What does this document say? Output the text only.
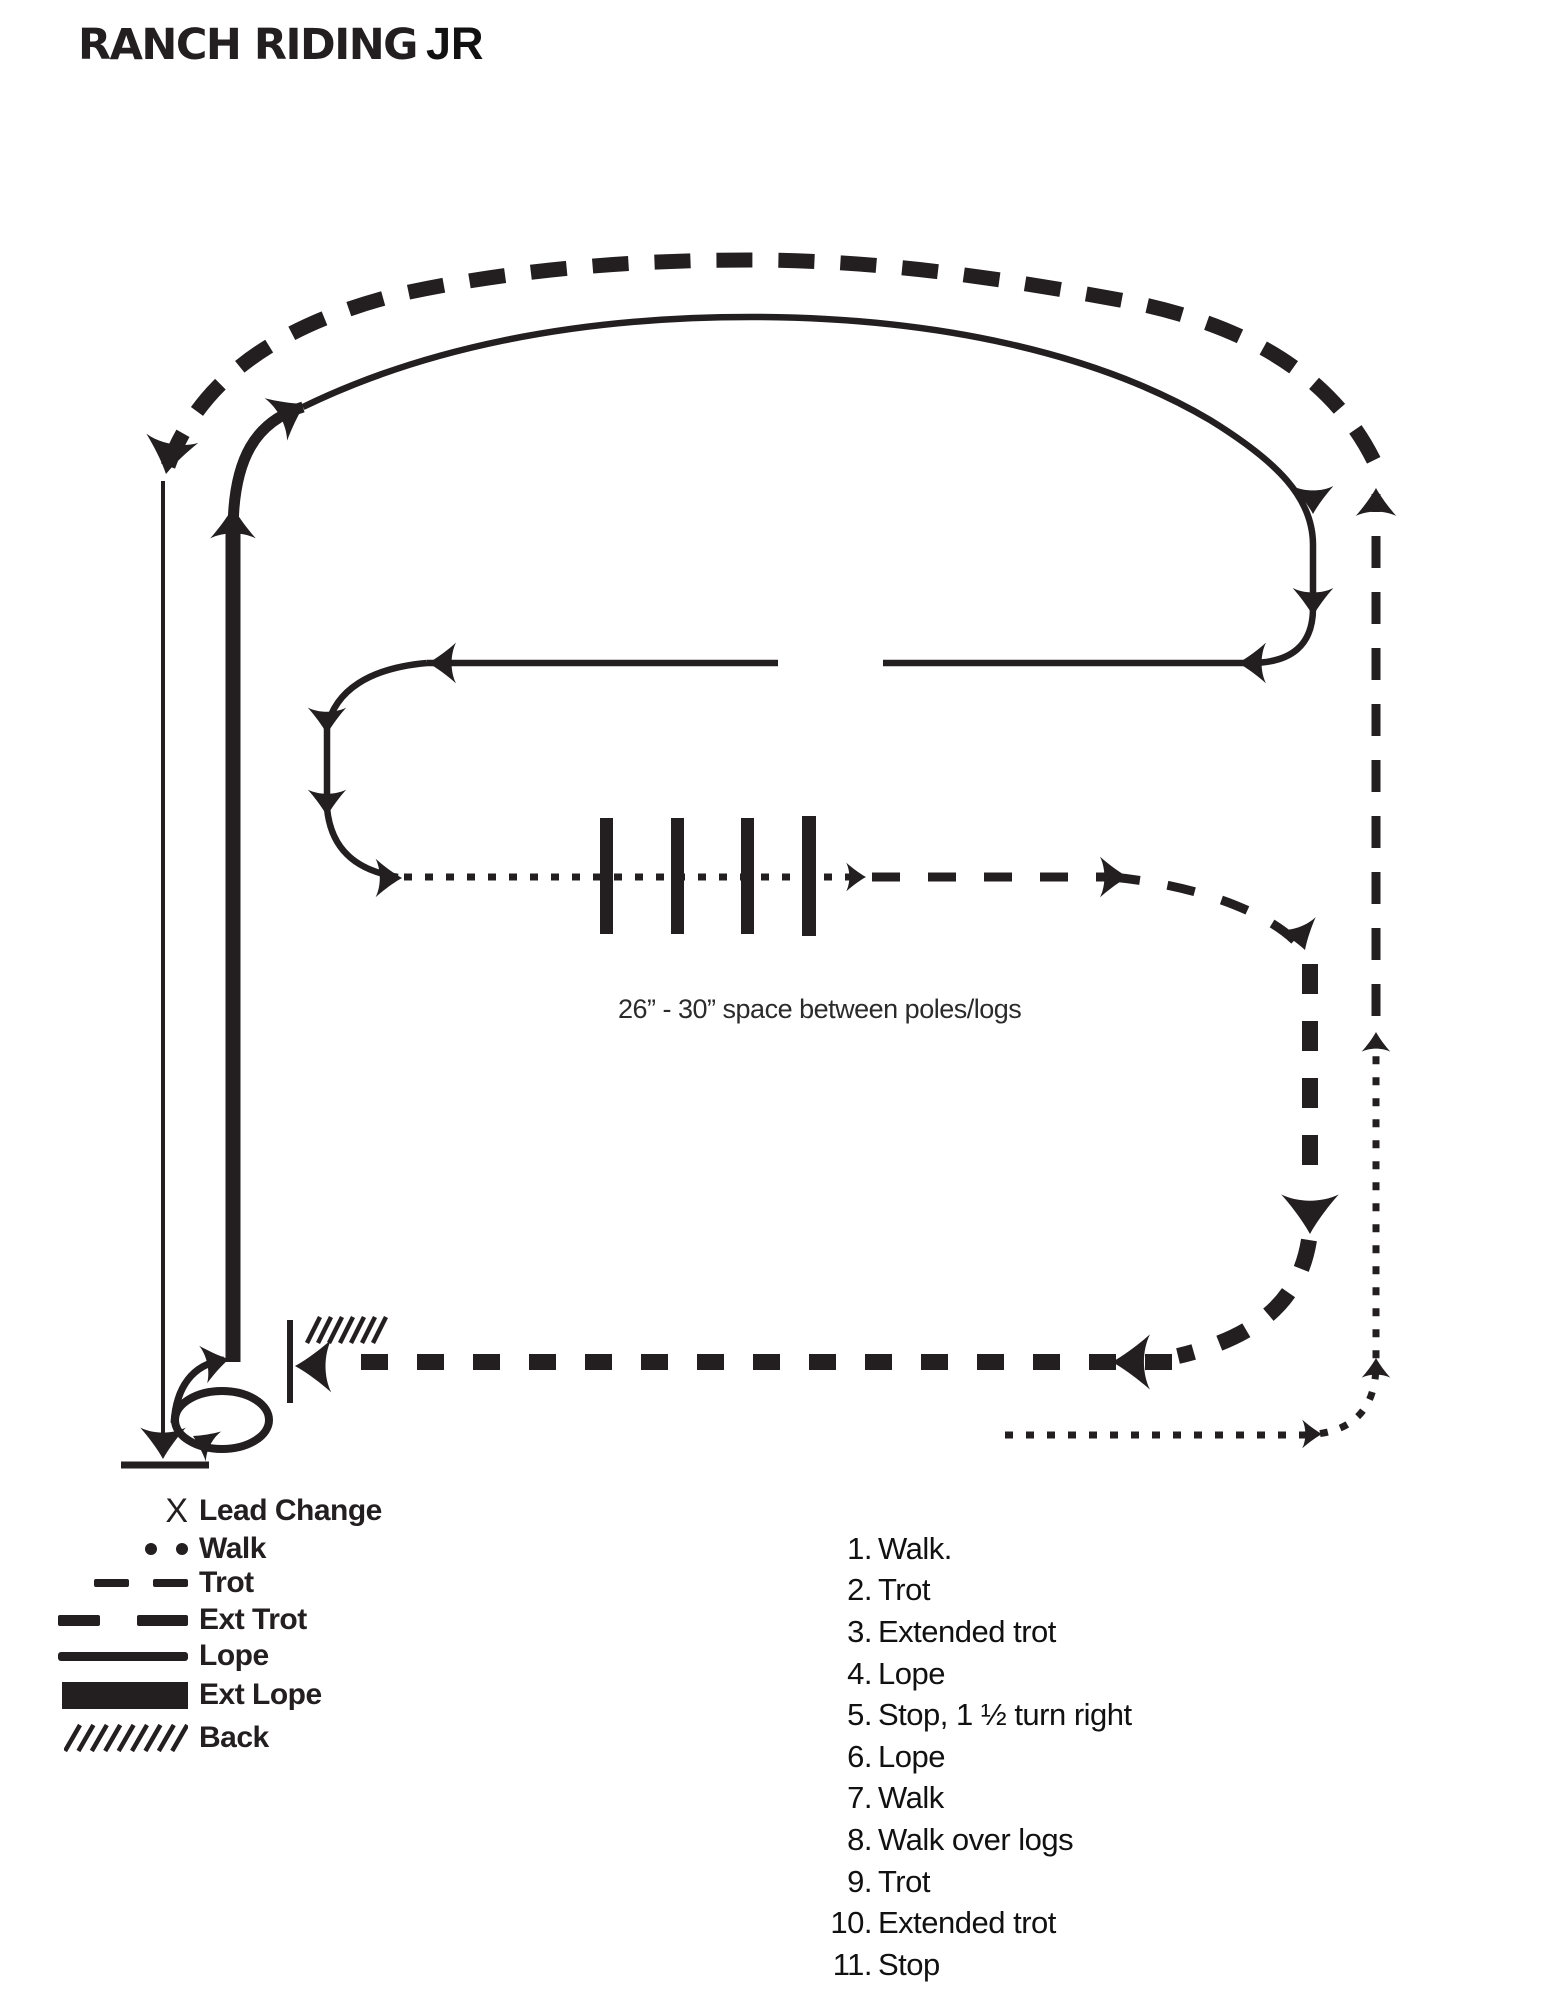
RANCH RIDING JR
26” - 30” space between poles/logs
X Lead Change
Walk
Trot
Ext Trot
Lope
Ext Lope
Back
1. Walk.
2. Trot
3. Extended trot
4. Lope
5. Stop, 1 ½ turn right
6. Lope
7. Walk
8. Walk over logs
9. Trot
10. Extended trot
11. Stop
